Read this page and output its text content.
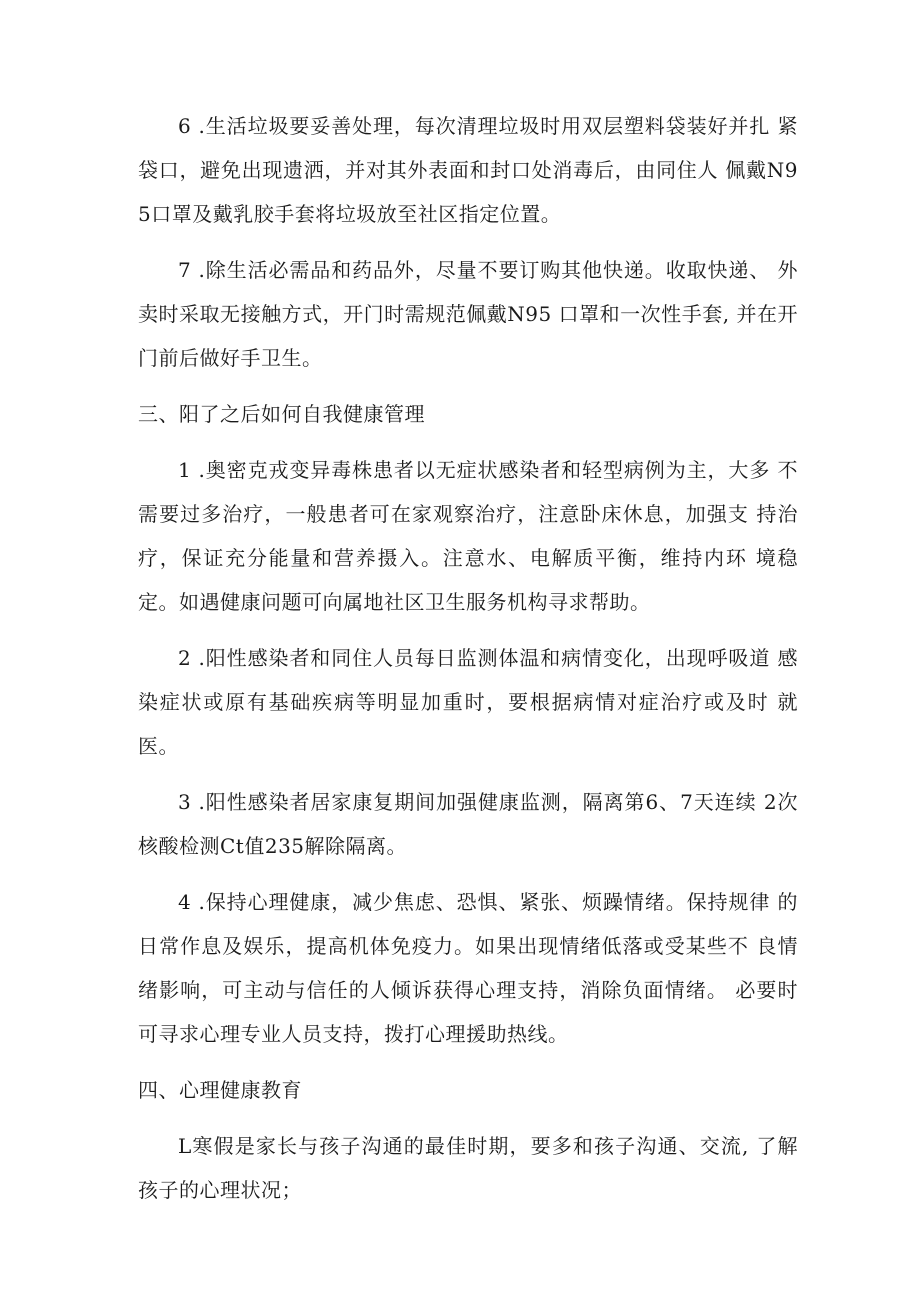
6 .生活垃圾要妥善处理，每次清理垃圾时用双层塑料袋装好并扎 紧袋口，避免出现遗洒，并对其外表面和封口处消毒后，由同住人 佩戴N95口罩及戴乳胶手套将垃圾放至社区指定位置。

7 .除生活必需品和药品外，尽量不要订购其他快递。收取快递、 外卖时采取无接触方式，开门时需规范佩戴N95 口罩和一次性手套, 并在开门前后做好手卫生。

三、阳了之后如何自我健康管理

1 .奥密克戎变异毒株患者以无症状感染者和轻型病例为主，大多 不需要过多治疗，一般患者可在家观察治疗，注意卧床休息，加强支 持治疗，保证充分能量和营养摄入。注意水、电解质平衡，维持内环 境稳定。如遇健康问题可向属地社区卫生服务机构寻求帮助。

2 .阳性感染者和同住人员每日监测体温和病情变化，出现呼吸道 感染症状或原有基础疾病等明显加重时，要根据病情对症治疗或及时 就医。

3 .阳性感染者居家康复期间加强健康监测，隔离第6、7天连续 2次核酸检测Ct值235解除隔离。

4 .保持心理健康，减少焦虑、恐惧、紧张、烦躁情绪。保持规律 的日常作息及娱乐，提高机体免疫力。如果出现情绪低落或受某些不 良情绪影响，可主动与信任的人倾诉获得心理支持，消除负面情绪。 必要时可寻求心理专业人员支持，拨打心理援助热线。

四、心理健康教育

L寒假是家长与孩子沟通的最佳时期，要多和孩子沟通、交流, 了解孩子的心理状况；
